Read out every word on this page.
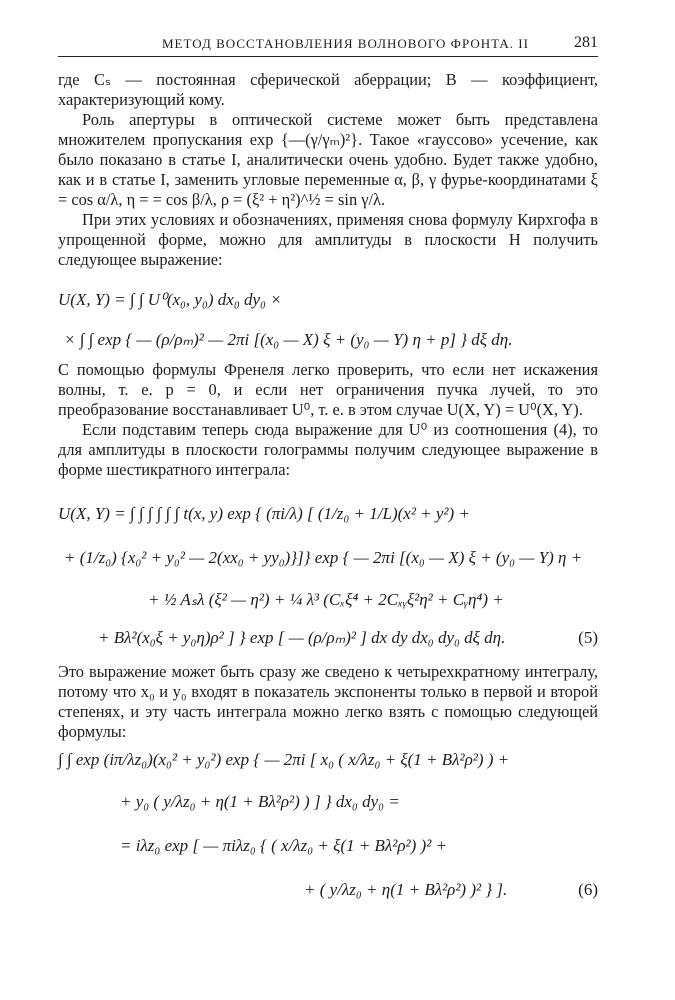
МЕТОД ВОССТАНОВЛЕНИЯ ВОЛНОВОГО ФРОНТА. II	281

где Cₛ — постоянная сферической аберрации; B — коэффициент, характеризующий кому.

Роль апертуры в оптической системе может быть представлена множителем пропускания exp {—(γ/γₘ)²}. Такое «гауссово» усечение, как было показано в статье I, аналитически очень удобно. Будет также удобно, как и в статье I, заменить угловые переменные α, β, γ фурье-координатами ξ = cos α/λ, η = = cos β/λ, ρ = (ξ² + η²)^½ = sin γ/λ.

При этих условиях и обозначениях, применяя снова формулу Кирхгофа в упрощенной форме, можно для амплитуды в плоскости H получить следующее выражение:

U(X, Y) = ∫ ∫ U⁰(x₀, y₀) dx₀ dy₀ ×
× ∫ ∫ exp { — (ρ/ρₘ)² — 2πi [(x₀ — X) ξ + (y₀ — Y) η + p] } dξ dη.

С помощью формулы Френеля легко проверить, что если нет искажения волны, т. е. p = 0, и если нет ограничения пучка лучей, то это преобразование восстанавливает U⁰, т. е. в этом случае U(X, Y) = U⁰(X, Y).

Если подставим теперь сюда выражение для U⁰ из соотношения (4), то для амплитуды в плоскости голограммы получим следующее выражение в форме шестикратного интеграла:

U(X, Y) = ∫ ∫ ∫ ∫ ∫ ∫ t(x, y) exp { (πi/λ) [ (1/z₀ + 1/L)(x² + y²) +
+ (1/z₀) {x₀² + y₀² — 2(xx₀ + yy₀)}]} exp { — 2πi [(x₀ — X) ξ + (y₀ — Y) η +
+ ½ Aₛλ (ξ² — η²) + ¼ λ³ (Cₓξ⁴ + 2Cₓᵧξ²η² + Cᵧη⁴) +
+ Bλ²(x₀ξ + y₀η)ρ² ] } exp [ — (ρ/ρₘ)² ] dx dy dx₀ dy₀ dξ dη.	(5)

Это выражение может быть сразу же сведено к четырехкратному интегралу, потому что x₀ и y₀ входят в показатель экспоненты только в первой и второй степенях, и эту часть интеграла можно легко взять с помощью следующей формулы:

∫ ∫ exp (iπ/λz₀)(x₀² + y₀²) exp { — 2πi [ x₀ ( x/λz₀ + ξ(1 + Bλ²ρ²) ) +
+ y₀ ( y/λz₀ + η(1 + Bλ²ρ²) ) ] } dx₀ dy₀ =
= iλz₀ exp [ — πiλz₀ { ( x/λz₀ + ξ(1 + Bλ²ρ²) )² +
+ ( y/λz₀ + η(1 + Bλ²ρ²) )² } ].	(6)
